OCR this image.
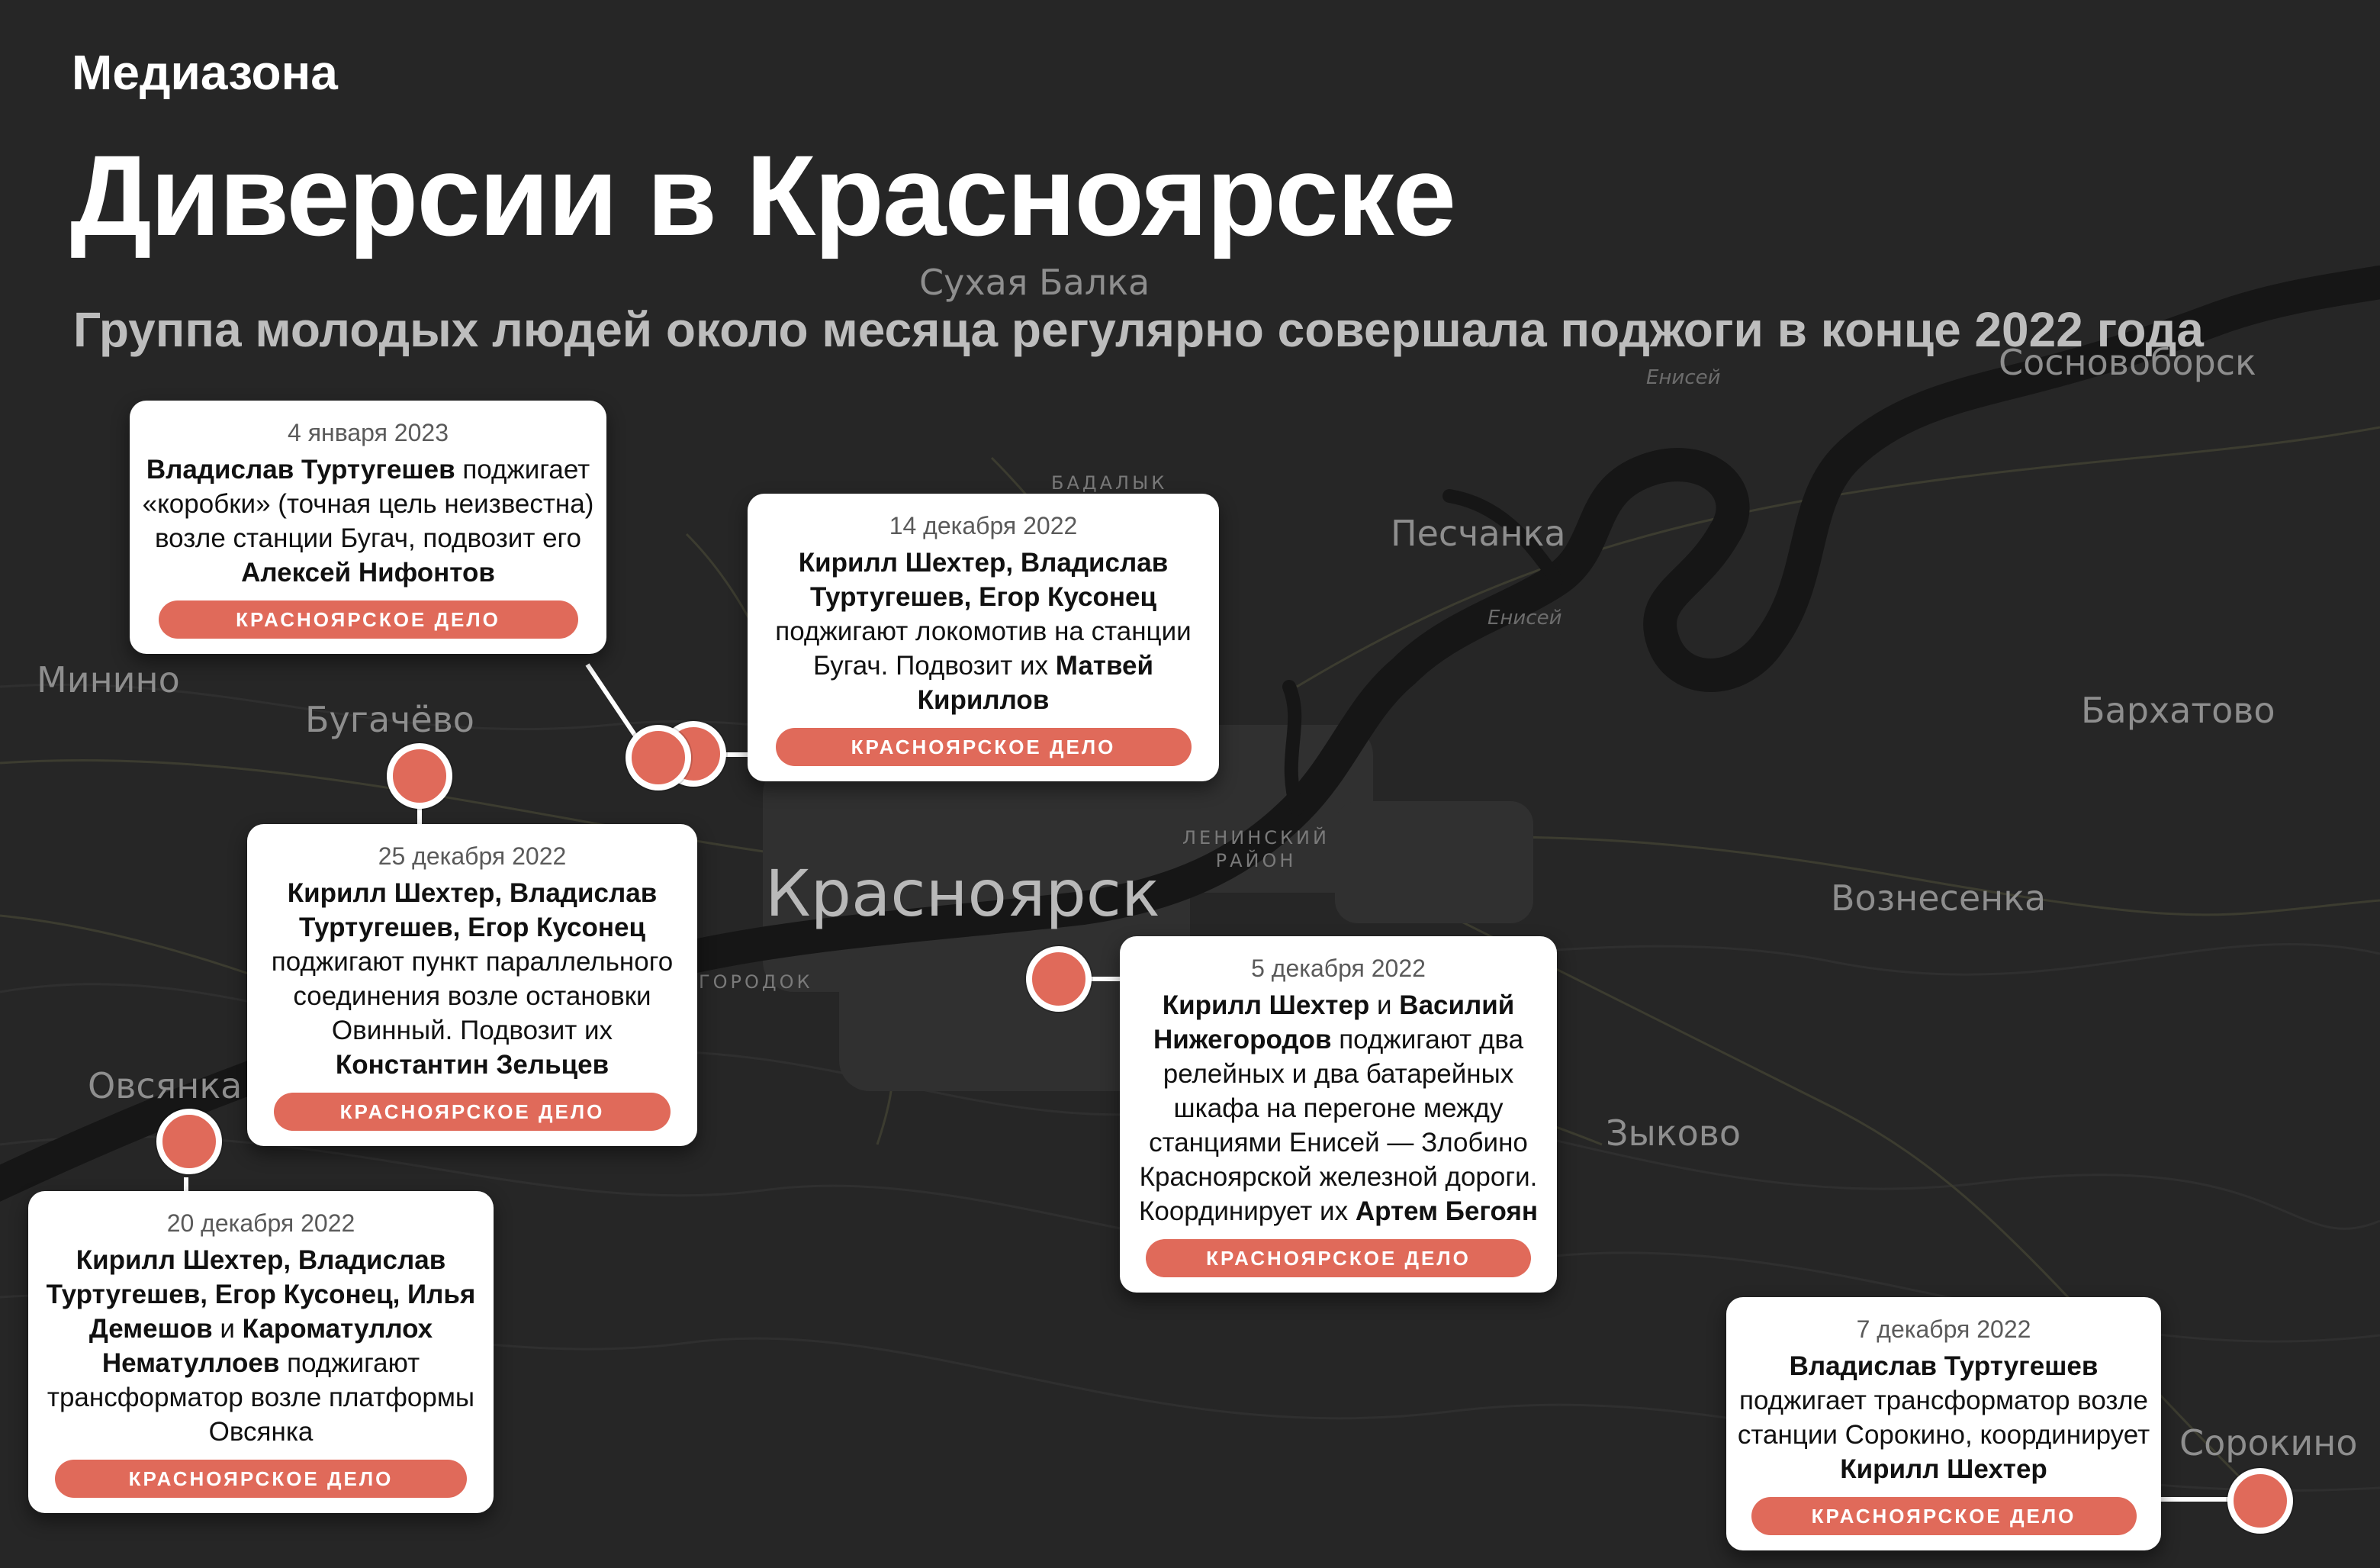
Сухая Балка
Сосновоборск
Енисей
БАДАЛЫК
Песчанка
Енисей
Минино
Бугачёво	Бархатово
ЛЕНИНСКИЙ
РАЙОН
Красноярск	Вознесенка
ГОРОДОК
Овсянка
Зыково
Сорокино
Медиазона
Диверсии в Красноярске
Группа молодых людей около месяца регулярно совершала поджоги в конце 2022 года
4 января 2023
Владислав Туртугешев поджигает «коробки» (точная цель неизвестна) возле станции Бугач, подвозит его Алексей Нифонтов
КРАСНОЯРСКОЕ ДЕЛО
14 декабря 2022
Кирилл Шехтер, Владислав Туртугешев, Егор Кусонец поджигают локомотив на станции Бугач. Подвозит их Матвей Кириллов
КРАСНОЯРСКОЕ ДЕЛО
25 декабря 2022
Кирилл Шехтер, Владислав Туртугешев, Егор Кусонец поджигают пункт параллельного соединения возле остановки Овинный. Подвозит их Константин Зельцев
КРАСНОЯРСКОЕ ДЕЛО
5 декабря 2022
Кирилл Шехтер и Василий Нижегородов поджигают два релейных и два батарейных шкафа на перегоне между станциями Енисей — Злобино Красноярской железной дороги. Координирует их Артем Бегоян
КРАСНОЯРСКОЕ ДЕЛО
20 декабря 2022
Кирилл Шехтер, Владислав Туртугешев, Егор Кусонец, Илья Демешов и Кароматуллох Нематуллоев поджигают трансформатор возле платформы Овсянка
КРАСНОЯРСКОЕ ДЕЛО
7 декабря 2022
Владислав Туртугешев поджигает трансформатор возле станции Сорокино, координирует Кирилл Шехтер
КРАСНОЯРСКОЕ ДЕЛО
